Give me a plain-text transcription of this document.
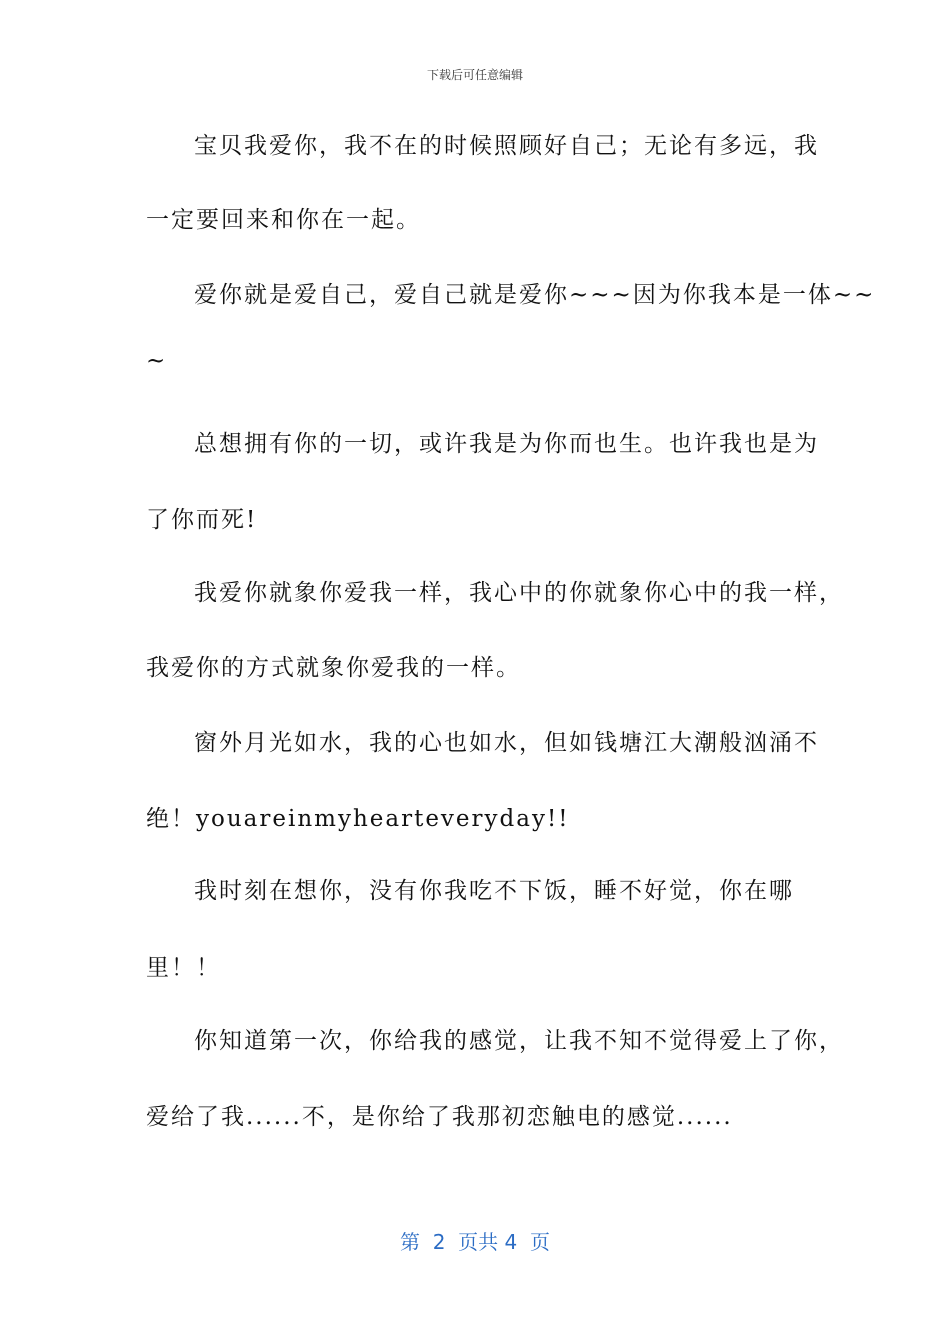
下载后可任意编辑
宝贝我爱你，我不在的时候照顾好自己；无论有多远，我
一定要回来和你在一起。
爱你就是爱自己，爱自己就是爱你~~~因为你我本是一体~~
~
总想拥有你的一切，或许我是为你而也生。也许我也是为
了你而死!
我爱你就象你爱我一样，我心中的你就象你心中的我一样，
我爱你的方式就象你爱我的一样。
窗外月光如水，我的心也如水，但如钱塘江大潮般汹涌不
绝！youareinmyhearteveryday!!
我时刻在想你，没有你我吃不下饭，睡不好觉，你在哪
里！！
你知道第一次，你给我的感觉，让我不知不觉得爱上了你，
爱给了我......不，是你给了我那初恋触电的感觉......
第  2  页共 4  页
